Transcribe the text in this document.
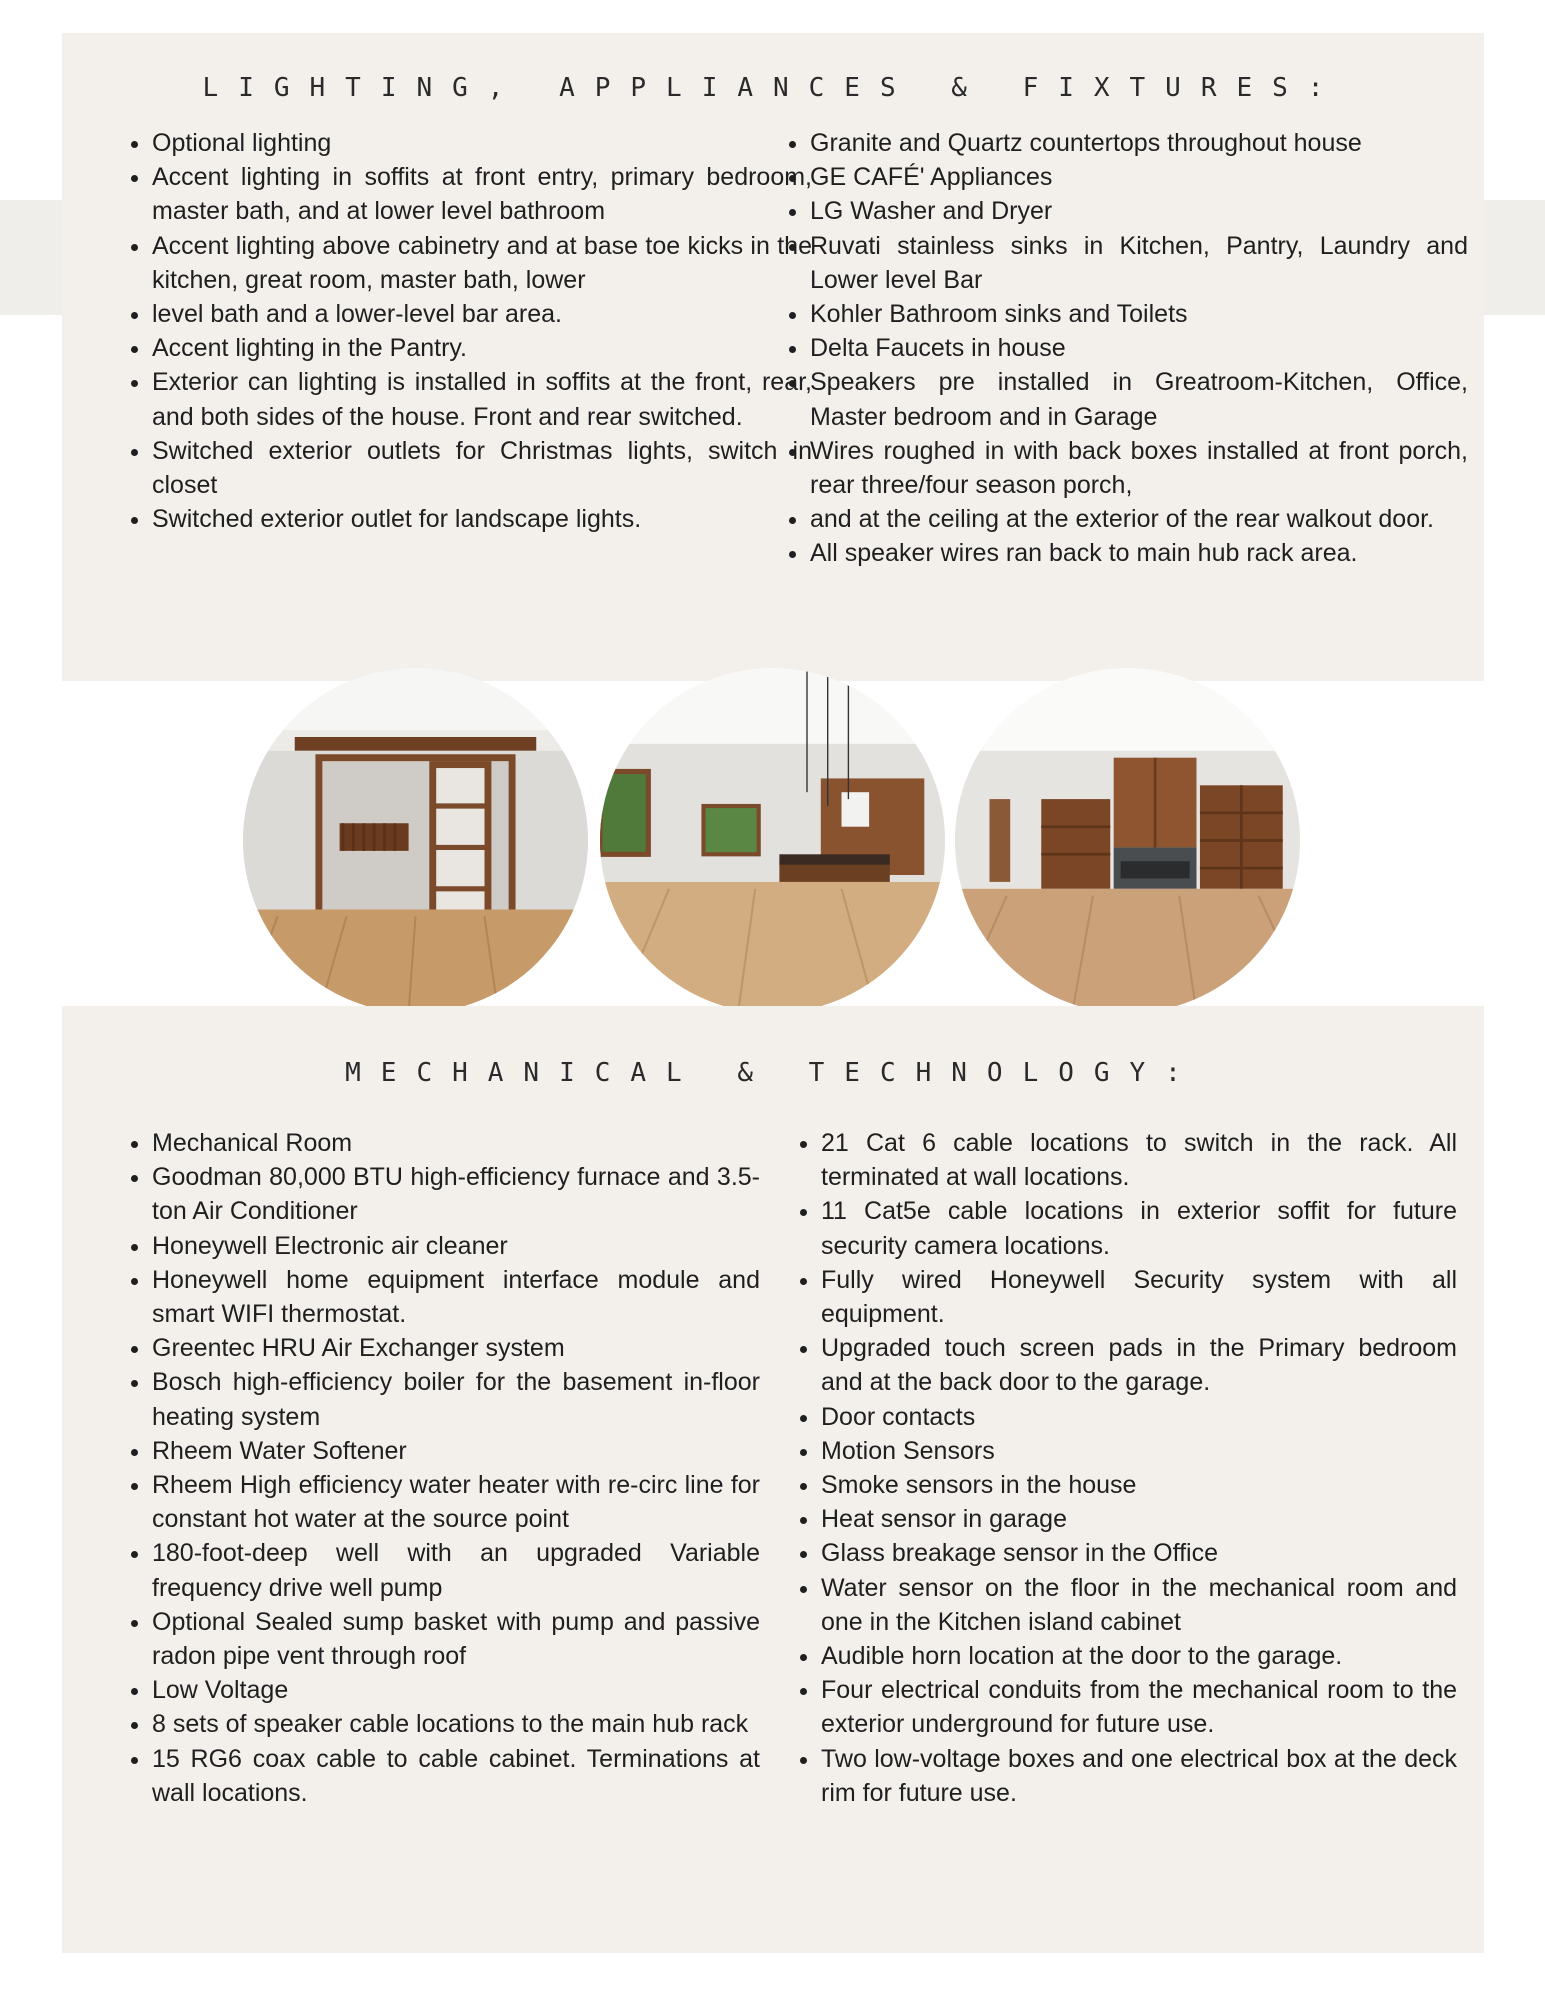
LIGHTING, APPLIANCES & FIXTURES:
• Optional lighting
• Accent lighting in soffits at front entry, primary bedroom, master bath, and at lower level bathroom
• Accent lighting above cabinetry and at base toe kicks in the kitchen, great room, master bath, lower
• level bath and a lower-level bar area.
• Accent lighting in the Pantry.
• Exterior can lighting is installed in soffits at the front, rear, and both sides of the house. Front and rear switched.
• Switched exterior outlets for Christmas lights, switch in closet
• Switched exterior outlet for landscape lights.
• Granite and Quartz countertops throughout house
• GE CAFÉ' Appliances
• LG Washer and Dryer
• Ruvati stainless sinks in Kitchen, Pantry, Laundry and Lower level Bar
• Kohler Bathroom sinks and Toilets
• Delta Faucets in house
• Speakers pre installed in Greatroom-Kitchen, Office, Master bedroom and in Garage
• Wires roughed in with back boxes installed at front porch, rear three/four season porch,
• and at the ceiling at the exterior of the rear walkout door.
• All speaker wires ran back to main hub rack area.
MECHANICAL & TECHNOLOGY:
• Mechanical Room
• Goodman 80,000 BTU high-efficiency furnace and 3.5-ton Air Conditioner
• Honeywell Electronic air cleaner
• Honeywell home equipment interface module and smart WIFI thermostat.
• Greentec HRU Air Exchanger system
• Bosch high-efficiency boiler for the basement in-floor heating system
• Rheem Water Softener
• Rheem High efficiency water heater with re-circ line for constant hot water at the source point
• 180-foot-deep well with an upgraded Variable frequency drive well pump
• Optional Sealed sump basket with pump and passive radon pipe vent through roof
• Low Voltage
• 8 sets of speaker cable locations to the main hub rack
• 15 RG6 coax cable to cable cabinet. Terminations at wall locations.
• 21 Cat 6 cable locations to switch in the rack. All terminated at wall locations.
• 11 Cat5e cable locations in exterior soffit for future security camera locations.
• Fully wired Honeywell Security system with all equipment.
• Upgraded touch screen pads in the Primary bedroom and at the back door to the garage.
• Door contacts
• Motion Sensors
• Smoke sensors in the house
• Heat sensor in garage
• Glass breakage sensor in the Office
• Water sensor on the floor in the mechanical room and one in the Kitchen island cabinet
• Audible horn location at the door to the garage.
• Four electrical conduits from the mechanical room to the exterior underground for future use.
• Two low-voltage boxes and one electrical box at the deck rim for future use.
